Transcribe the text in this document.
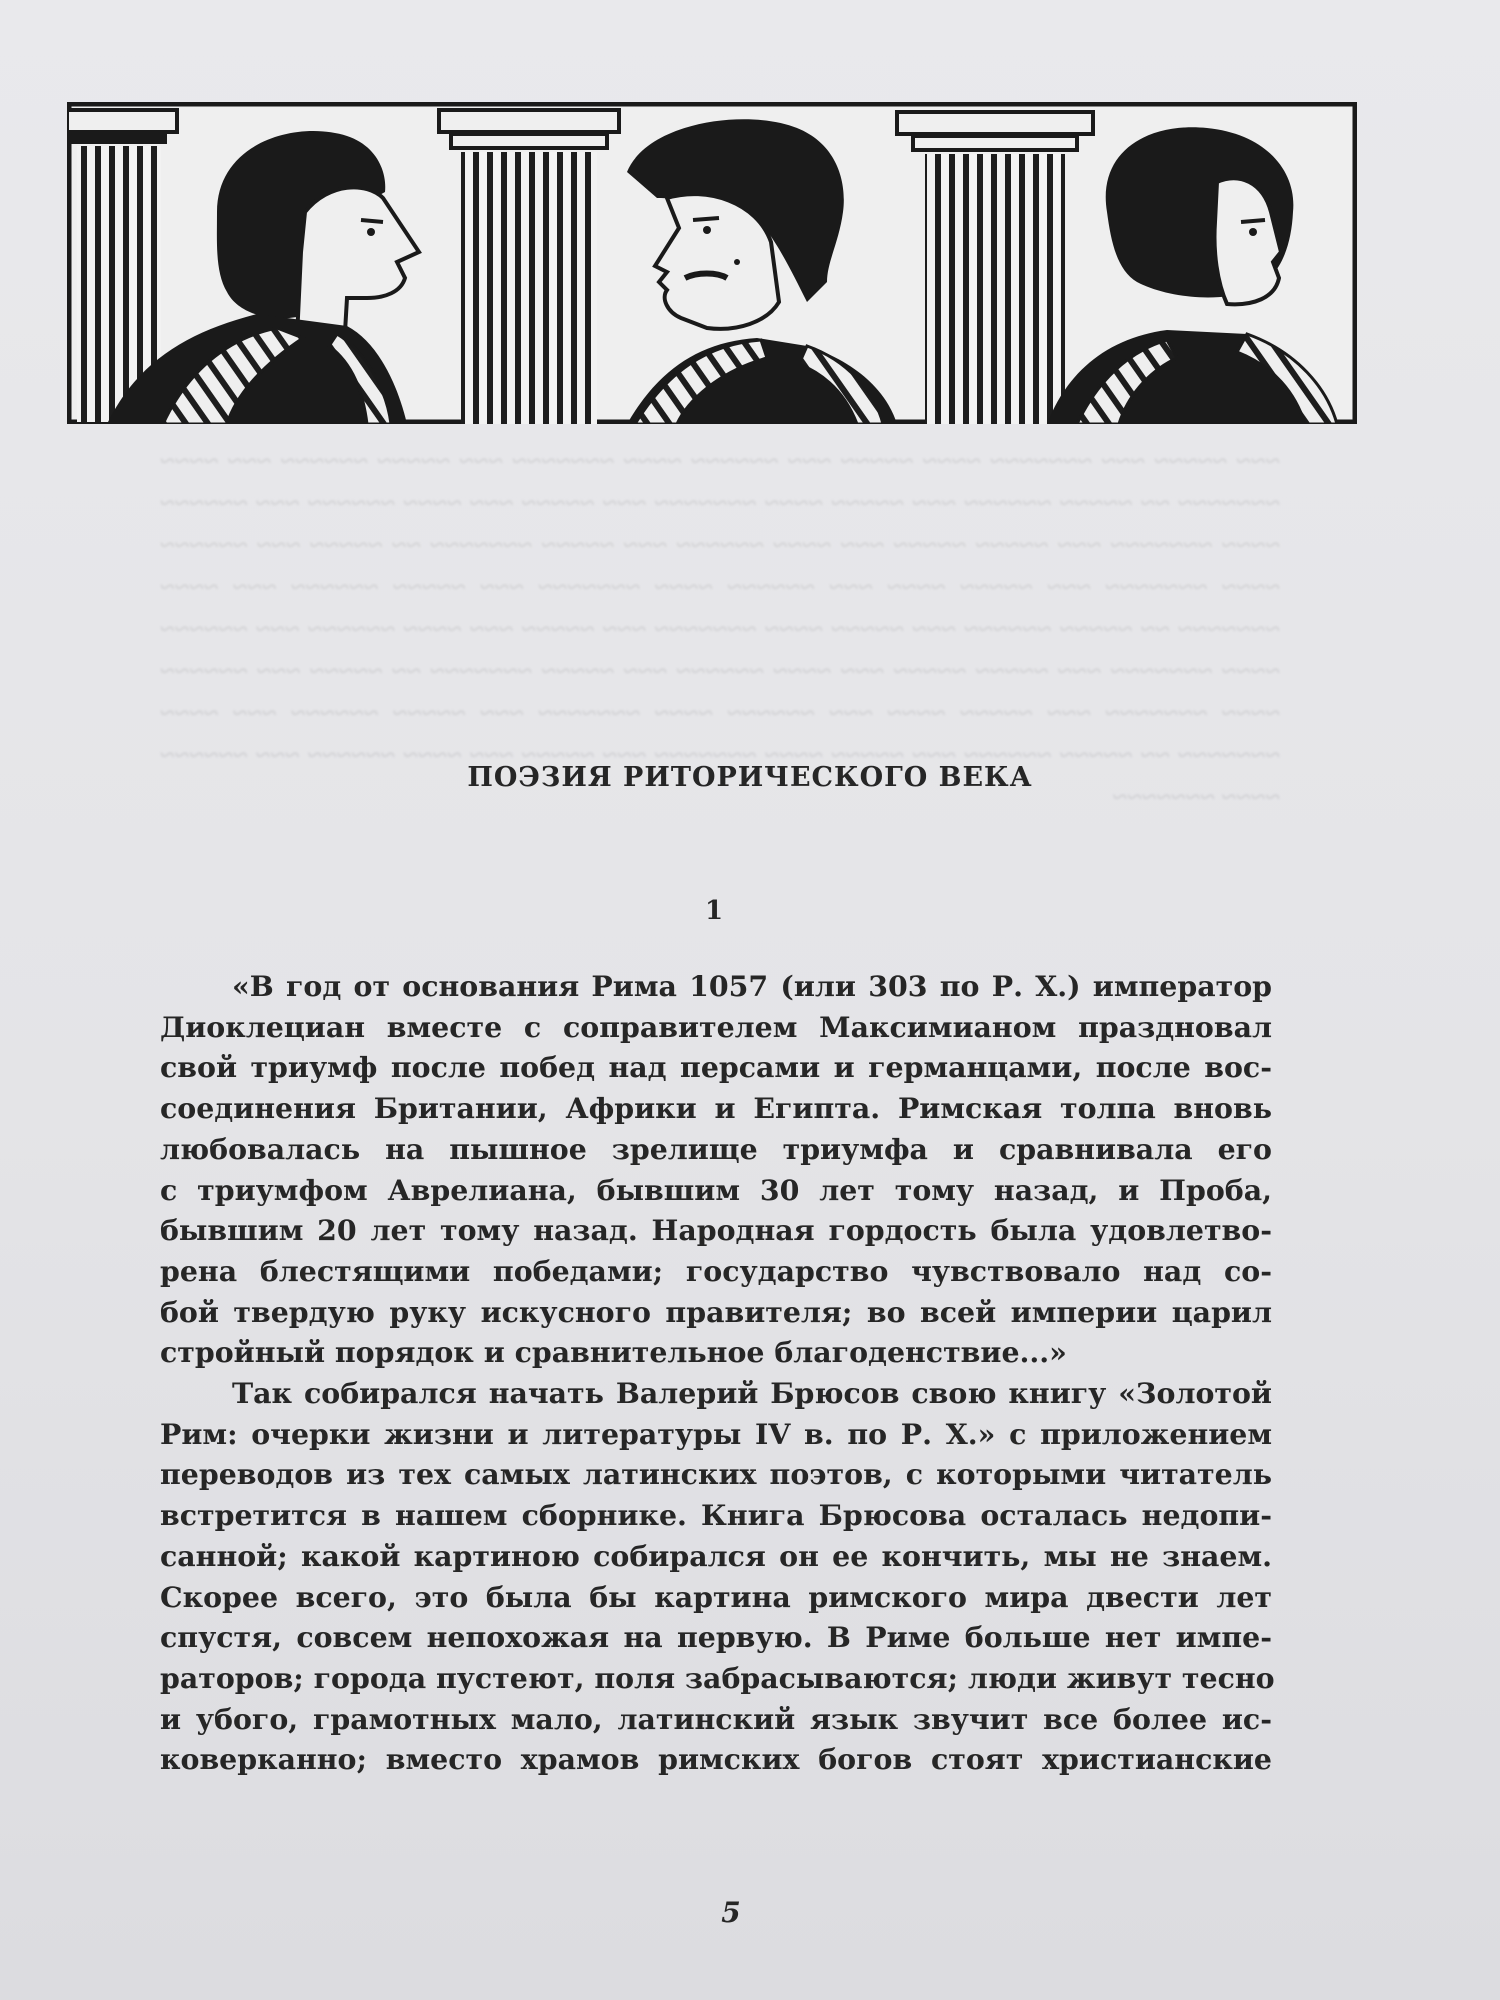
~~~ ~~~~~ ~~~ ~~~~~~~ ~~~~ ~~~~~ ~~~ ~~~~~~ ~~~~ ~~~~~~~ ~~~ ~~~~~ ~~~~~~ ~~~ ~~~~ ~~~~~~~ ~~ ~~~~~ ~~~~~~ ~~~ ~~~~~ ~~~~ ~~~~~~~ ~~~ ~~~~~ ~~~ ~~~~ ~~~~~~ ~~~ ~~~~~~ ~~~~ ~~~~~~~ ~~~ ~~~~~ ~~~~~ ~~~ ~~~~ ~~~~~~ ~~~ ~~~~~ ~~~~~~~ ~~ ~~~~~ ~~~ ~~~~~~ ~~~~ ~~~~~~~ ~~~ ~~~~~ ~~~~ ~~~ ~~~~~~ ~~~~ ~~~~~~~ ~~~ ~~~~~ ~~~~~~ ~~~ ~~~~ ~~~~~~~ ~~ ~~~~~ ~~~~~~ ~~~ ~~~~~ ~~~~ ~~~~~~~ ~~~ ~~~~~ ~~~ ~~~~ ~~~~~~ ~~~ ~~~~~~ ~~~~ ~~~~~~~ ~~~ ~~~~~ ~~~~~ ~~~ ~~~~ ~~~~~~ ~~~ ~~~~~ ~~~~~~~ ~~ ~~~~~ ~~~ ~~~~~~ ~~~~ ~~~~~~~ ~~~ ~~~~~ ~~~~ ~~~ ~~~~~~ ~~~~ ~~~~~~~ ~~~ ~~~~~ ~~~~~~ ~~~ ~~~~ ~~~~~~~ ~~ ~~~~~ ~~~~~~ ~~~ ~~~~~ ~~~~ ~~~~~~~ ~~~ ~~~~~ ~~~ ~~~~ ~~~~~~ ~~~ ~~~~~~ ~~~~ ~~~~~~~
ПОЭЗИЯ РИТОРИЧЕСКОГО ВЕКА
1
«В год от основания Рима 1057 (или 303 по Р. X.) император
Диоклециан вместе с соправителем Максимианом праздновал
свой триумф после побед над персами и германцами, после вос-
соединения Британии, Африки и Египта. Римская толпа вновь
любовалась на пышное зрелище триумфа и сравнивала его
с триумфом Аврелиана, бывшим 30 лет тому назад, и Проба,
бывшим 20 лет тому назад. Народная гордость была удовлетво-
рена блестящими победами; государство чувствовало над со-
бой твердую руку искусного правителя; во всей империи царил
стройный порядок и сравнительное благоденствие...»
Так собирался начать Валерий Брюсов свою книгу «Золотой
Рим: очерки жизни и литературы IV в. по Р. X.» с приложением
переводов из тех самых латинских поэтов, с которыми читатель
встретится в нашем сборнике. Книга Брюсова осталась недопи-
санной; какой картиною собирался он ее кончить, мы не знаем.
Скорее всего, это была бы картина римского мира двести лет
спустя, совсем непохожая на первую. В Риме больше нет импе-
раторов; города пустеют, поля забрасываются; люди живут тесно
и убого, грамотных мало, латинский язык звучит все более ис-
коверканно; вместо храмов римских богов стоят христианские
5
